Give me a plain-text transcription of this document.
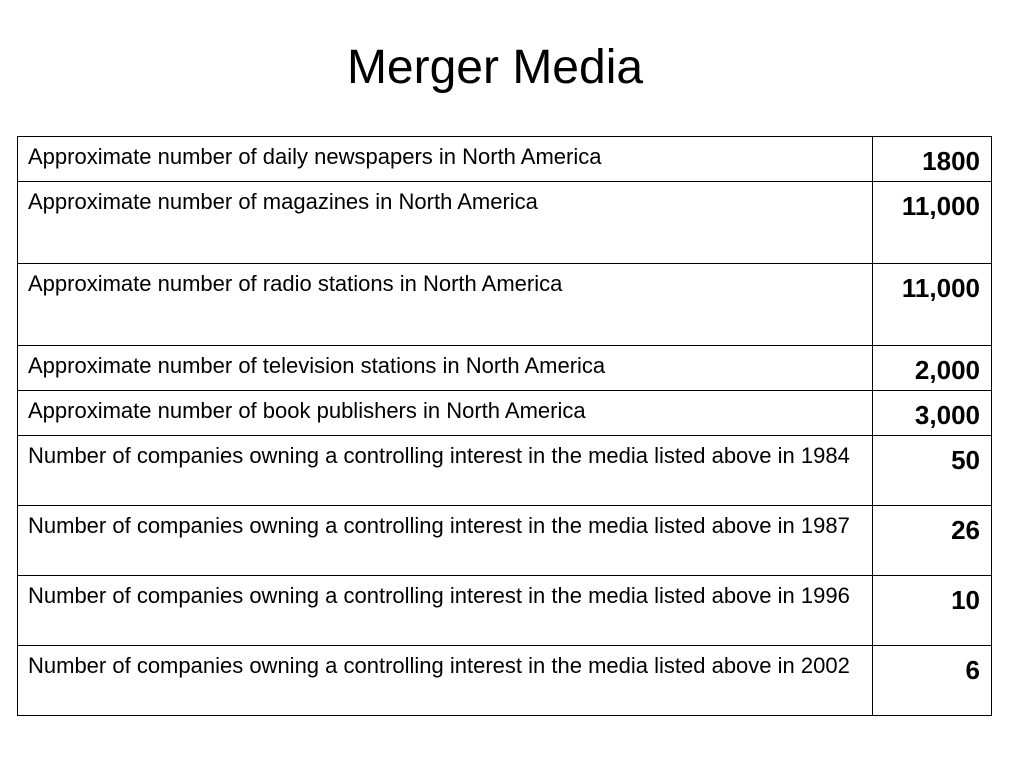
Merger Media
Approximate number of daily newspapers in North America	1800

Approximate number of magazines in North America	11,000

Approximate number of radio stations in North America	11,000

Approximate number of television stations in North America	2,000

Approximate number of book publishers in North America	3,000

Number of companies owning a controlling interest in the media listed above in 1984	50

Number of companies owning a controlling interest in the media listed above in 1987	26

Number of companies owning a controlling interest in the media listed above in 1996	10

Number of companies owning a controlling interest in the media listed above in 2002	6
